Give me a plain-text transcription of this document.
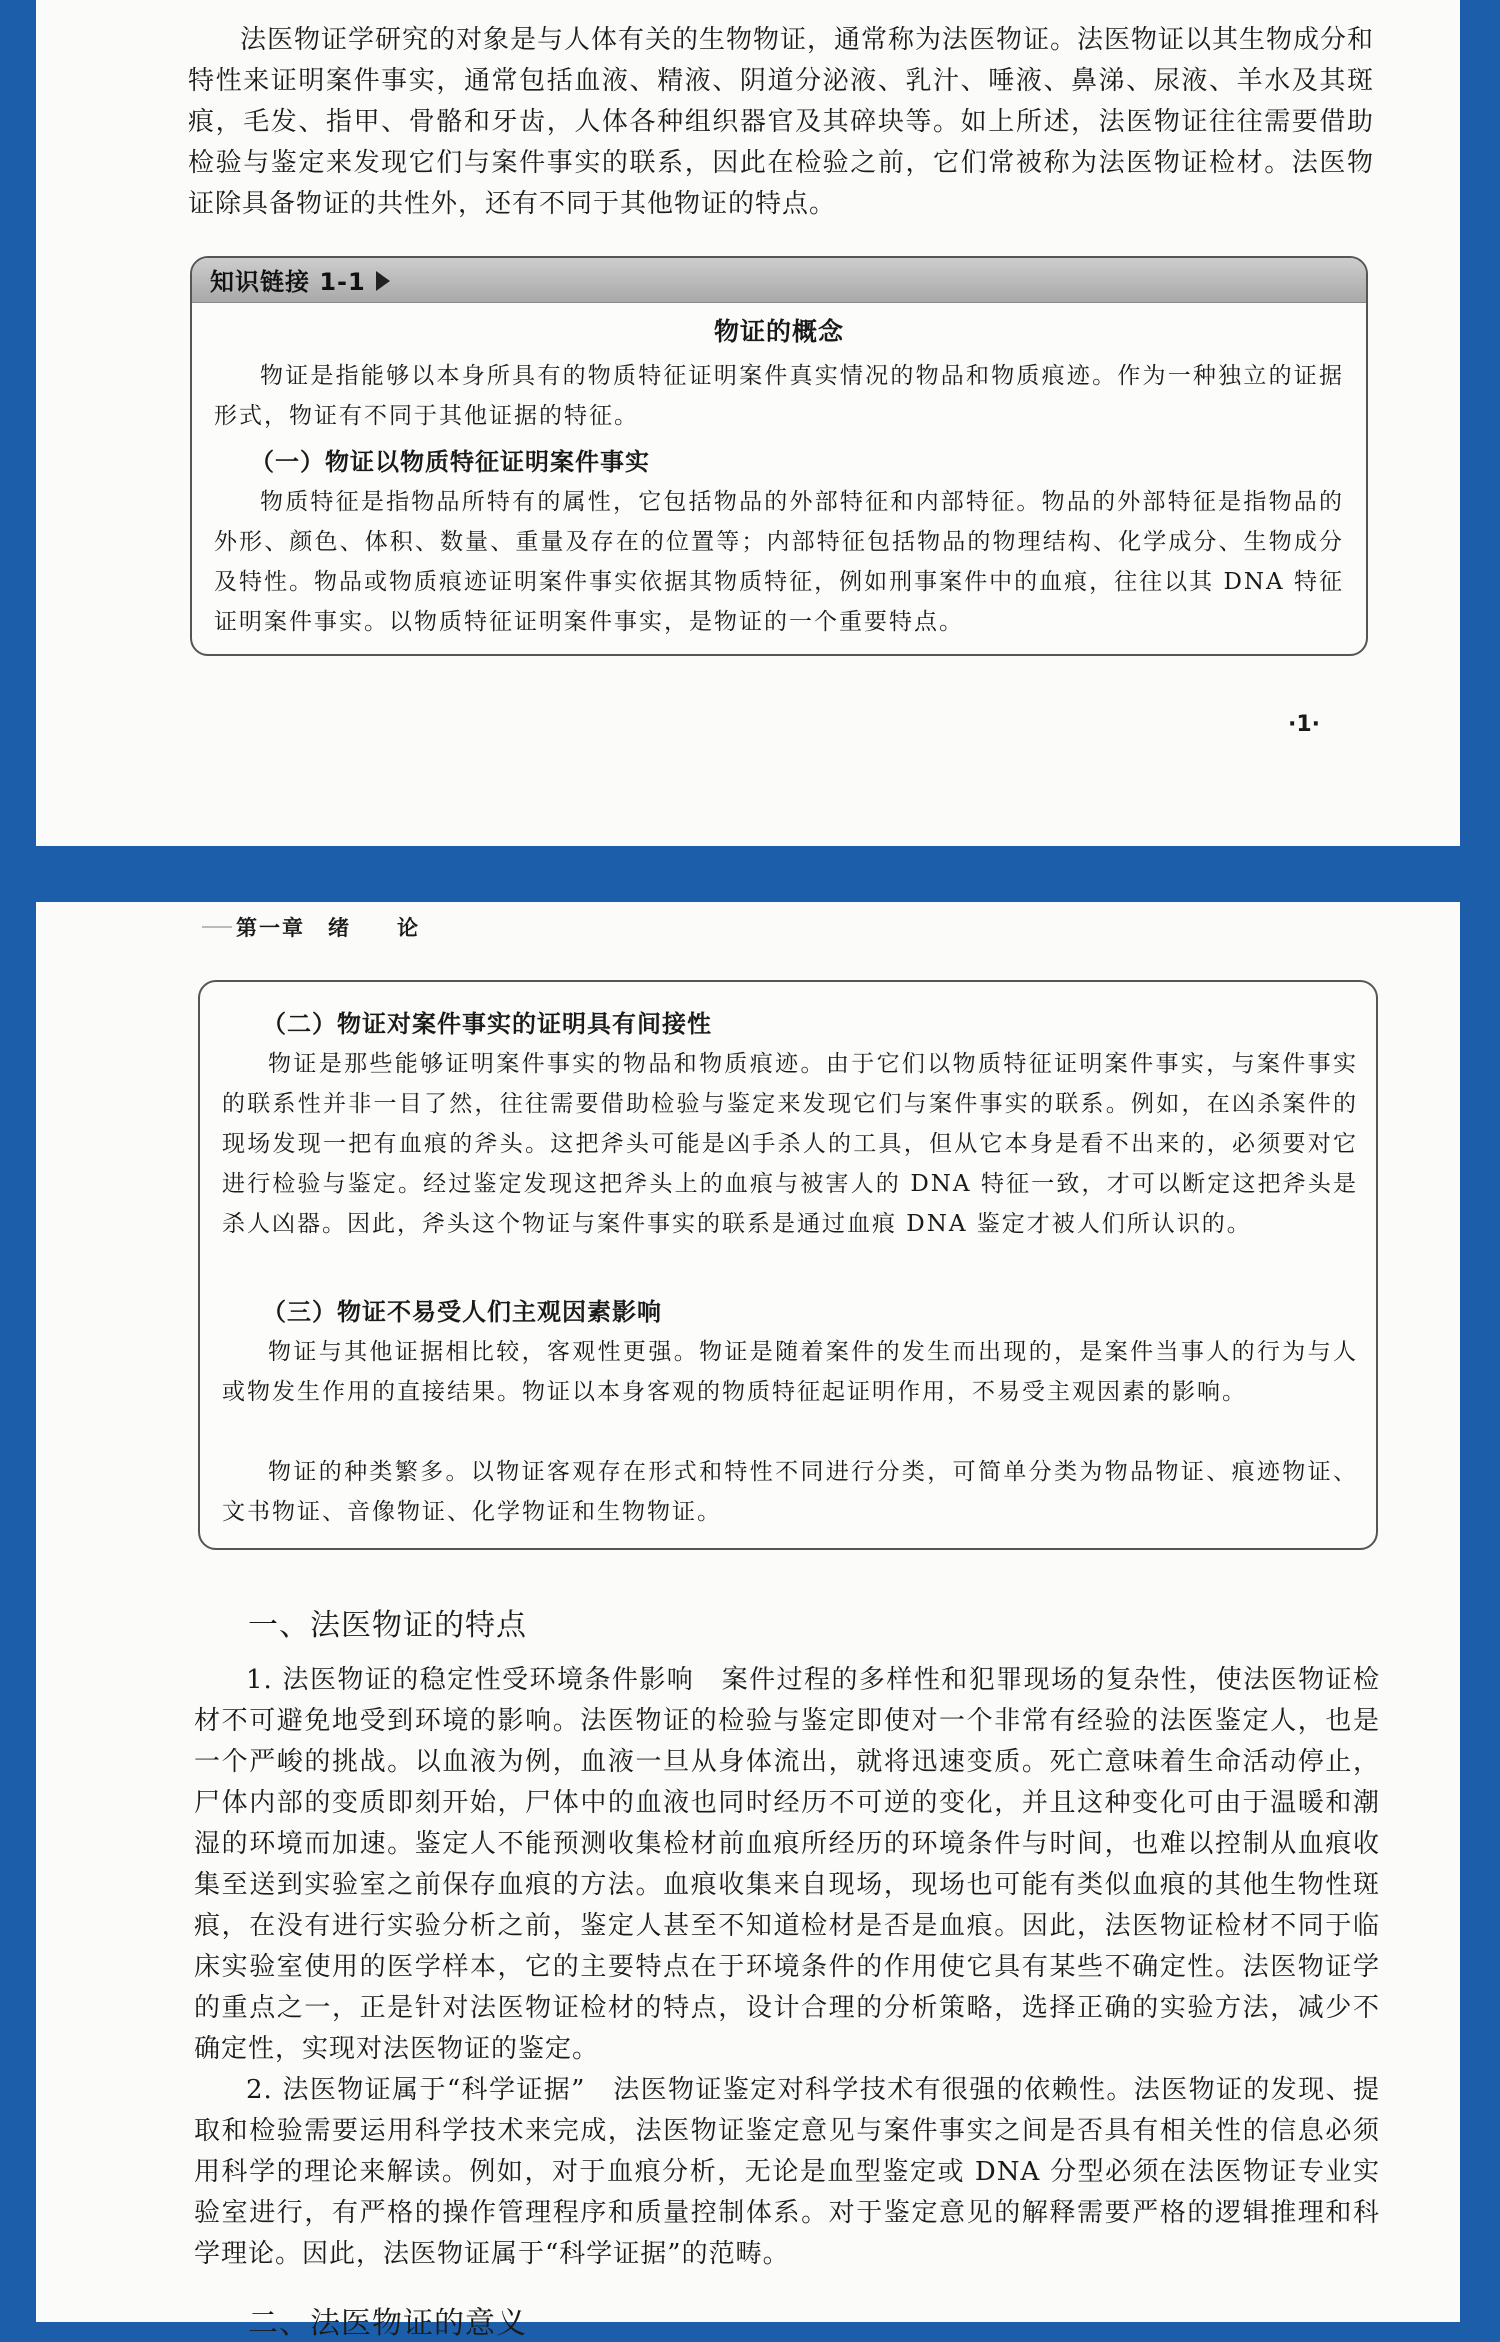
法医物证学研究的对象是与人体有关的生物物证，通常称为法医物证。法医物证以其生物成分和特性来证明案件事实，通常包括血液、精液、阴道分泌液、乳汁、唾液、鼻涕、尿液、羊水及其斑痕，毛发、指甲、骨骼和牙齿，人体各种组织器官及其碎块等。如上所述，法医物证往往需要借助检验与鉴定来发现它们与案件事实的联系，因此在检验之前，它们常被称为法医物证检材。法医物证除具备物证的共性外，还有不同于其他物证的特点。

知识链接 1-1
物证的概念

物证是指能够以本身所具有的物质特征证明案件真实情况的物品和物质痕迹。作为一种独立的证据形式，物证有不同于其他证据的特征。

（一）物证以物质特征证明案件事实

物质特征是指物品所特有的属性，它包括物品的外部特征和内部特征。物品的外部特征是指物品的外形、颜色、体积、数量、重量及存在的位置等；内部特征包括物品的物理结构、化学成分、生物成分及特性。物品或物质痕迹证明案件事实依据其物质特征，例如刑事案件中的血痕，往往以其 DNA 特征证明案件事实。以物质特征证明案件事实，是物证的一个重要特点。

·1·
第一章　绪　　论
（二）物证对案件事实的证明具有间接性

物证是那些能够证明案件事实的物品和物质痕迹。由于它们以物质特征证明案件事实，与案件事实的联系性并非一目了然，往往需要借助检验与鉴定来发现它们与案件事实的联系。例如，在凶杀案件的现场发现一把有血痕的斧头。这把斧头可能是凶手杀人的工具，但从它本身是看不出来的，必须要对它进行检验与鉴定。经过鉴定发现这把斧头上的血痕与被害人的 DNA 特征一致，才可以断定这把斧头是杀人凶器。因此，斧头这个物证与案件事实的联系是通过血痕 DNA 鉴定才被人们所认识的。

（三）物证不易受人们主观因素影响

物证与其他证据相比较，客观性更强。物证是随着案件的发生而出现的，是案件当事人的行为与人或物发生作用的直接结果。物证以本身客观的物质特征起证明作用，不易受主观因素的影响。

物证的种类繁多。以物证客观存在形式和特性不同进行分类，可简单分类为物品物证、痕迹物证、文书物证、音像物证、化学物证和生物物证。

一、法医物证的特点

1. 法医物证的稳定性受环境条件影响　案件过程的多样性和犯罪现场的复杂性，使法医物证检材不可避免地受到环境的影响。法医物证的检验与鉴定即使对一个非常有经验的法医鉴定人，也是一个严峻的挑战。以血液为例，血液一旦从身体流出，就将迅速变质。死亡意味着生命活动停止，尸体内部的变质即刻开始，尸体中的血液也同时经历不可逆的变化，并且这种变化可由于温暖和潮湿的环境而加速。鉴定人不能预测收集检材前血痕所经历的环境条件与时间，也难以控制从血痕收集至送到实验室之前保存血痕的方法。血痕收集来自现场，现场也可能有类似血痕的其他生物性斑痕，在没有进行实验分析之前，鉴定人甚至不知道检材是否是血痕。因此，法医物证检材不同于临床实验室使用的医学样本，它的主要特点在于环境条件的作用使它具有某些不确定性。法医物证学的重点之一，正是针对法医物证检材的特点，设计合理的分析策略，选择正确的实验方法，减少不确定性，实现对法医物证的鉴定。

2. 法医物证属于“科学证据”　法医物证鉴定对科学技术有很强的依赖性。法医物证的发现、提取和检验需要运用科学技术来完成，法医物证鉴定意见与案件事实之间是否具有相关性的信息必须用科学的理论来解读。例如，对于血痕分析，无论是血型鉴定或 DNA 分型必须在法医物证专业实验室进行，有严格的操作管理程序和质量控制体系。对于鉴定意见的解释需要严格的逻辑推理和科学理论。因此，法医物证属于“科学证据”的范畴。

二、法医物证的意义
